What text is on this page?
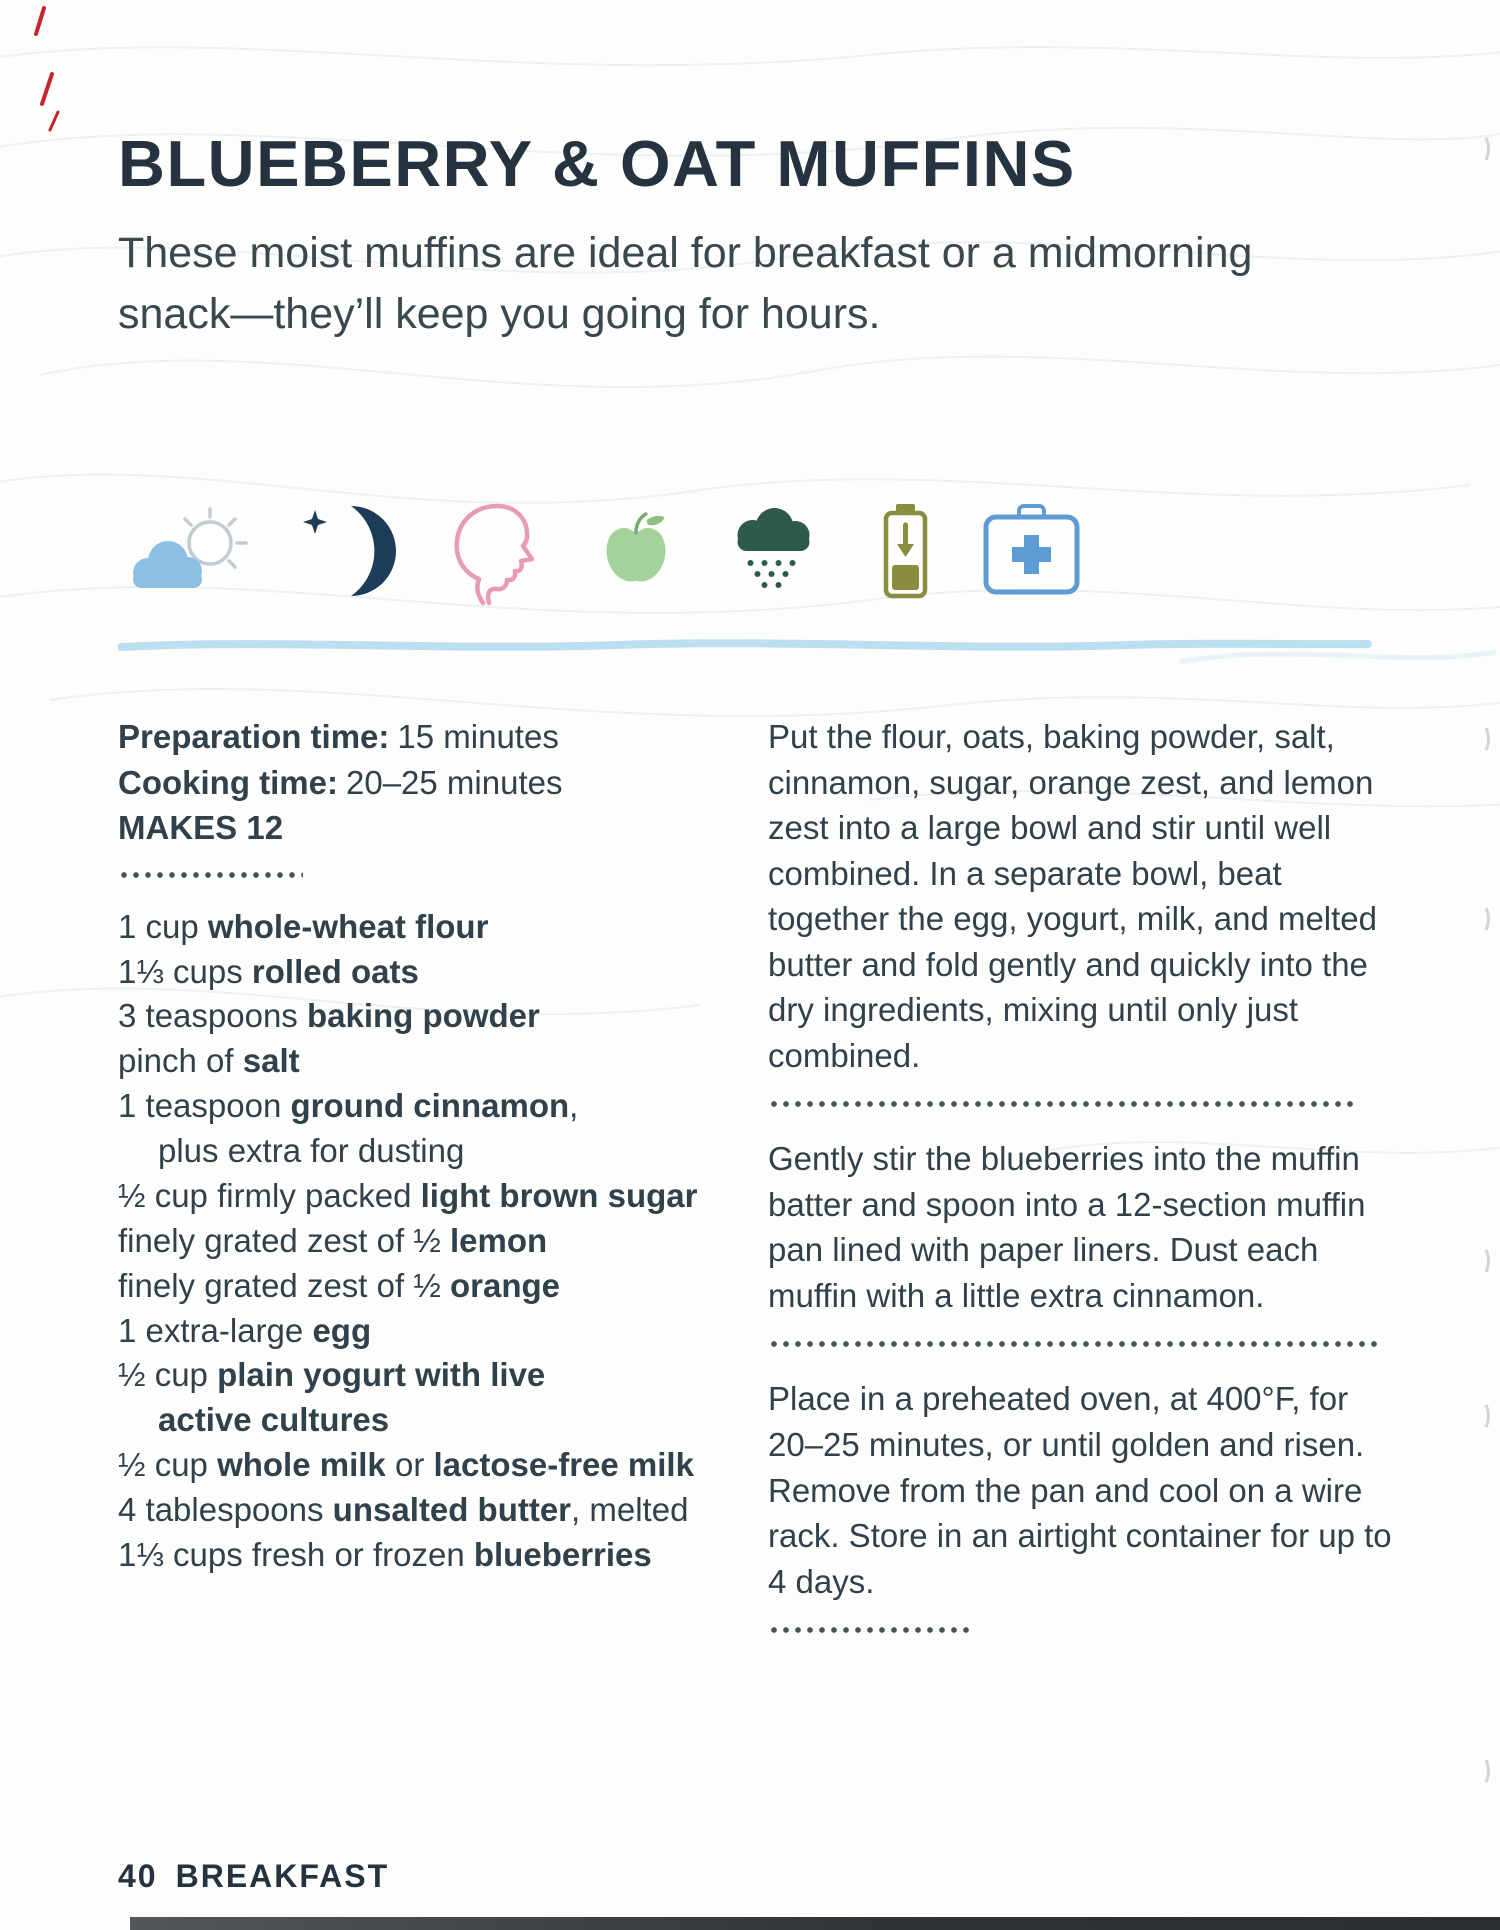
BLUEBERRY & OAT MUFFINS

These moist muffins are ideal for breakfast or a midmorning snack—they’ll keep you going for hours.

Preparation time: 15 minutes

Cooking time: 20–25 minutes

MAKES 12

1 cup whole-wheat flour

1⅓ cups rolled oats

3 teaspoons baking powder

pinch of salt

1 teaspoon ground cinnamon,
plus extra for dusting

½ cup firmly packed light brown sugar

finely grated zest of ½ lemon

finely grated zest of ½ orange

1 extra-large egg

½ cup plain yogurt with live
active cultures

½ cup whole milk or lactose-free milk

4 tablespoons unsalted butter, melted

1⅓ cups fresh or frozen blueberries

Put the flour, oats, baking powder, salt, cinnamon, sugar, orange zest, and lemon zest into a large bowl and stir until well combined. In a separate bowl, beat together the egg, yogurt, milk, and melted butter and fold gently and quickly into the dry ingredients, mixing until only just combined.

Gently stir the blueberries into the muffin batter and spoon into a 12-section muffin pan lined with paper liners. Dust each muffin with a little extra cinnamon.

Place in a preheated oven, at 400°F, for 20–25 minutes, or until golden and risen. Remove from the pan and cool on a wire rack. Store in an airtight container for up to 4 days.

40 BREAKFAST
